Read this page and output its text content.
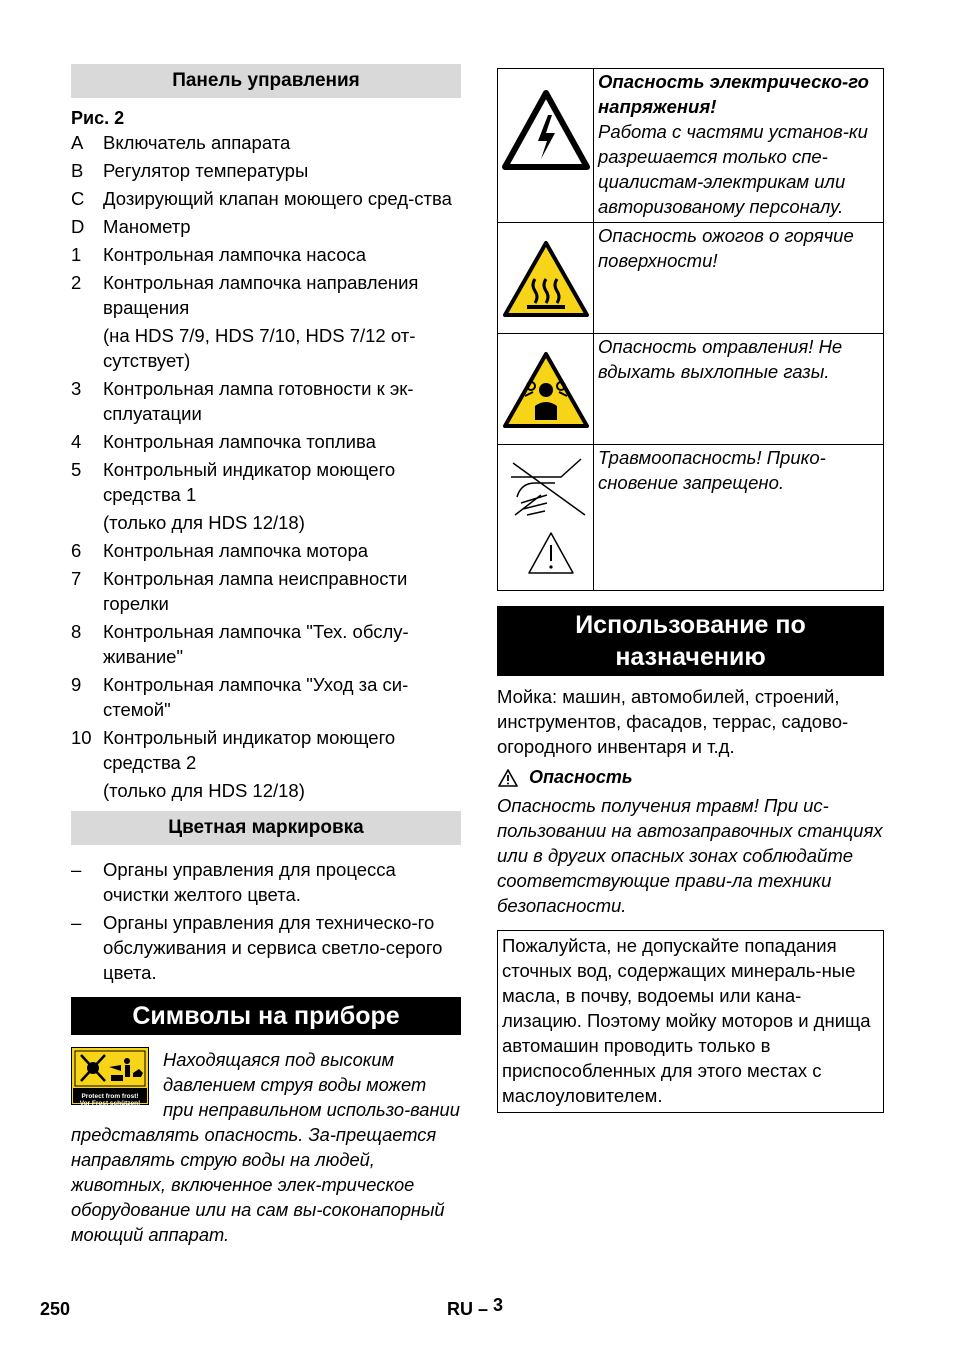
Панель управления
Рис. 2
A	Включатель аппарата
B	Регулятор температуры
C	Дозирующий клапан моющего сред-ства
D	Манометр
1	Контрольная лампочка насоса
2	Контрольная лампочка направления вращения
(на HDS 7/9, HDS 7/10, HDS 7/12 от-сутствует)
3	Контрольная лампа готовности к эк-сплуатации
4	Контрольная лампочка топлива
5	Контрольный индикатор моющего средства 1
(только для HDS 12/18)
6	Контрольная лампочка мотора
7	Контрольная лампа неисправности горелки
8	Контрольная лампочка "Тех. обслу-живание"
9	Контрольная лампочка "Уход за си-стемой"
10 Контрольный индикатор моющего средства 2
(только для HDS 12/18)
Цветная маркировка
–	Органы управления для процесса очистки желтого цвета.
–	Органы управления для техническо-го обслуживания и сервиса светло-серого цвета.
Символы на приборе
Protect from frost!
Vor Frost schützen!
Находящаяся под высоким давлением струя воды может при неправильном использо-вании представлять опасность. За-прещается направлять струю воды на людей, животных, включенное элек-трическое оборудование или на сам вы-соконапорный моющий аппарат.

Опасность электрическо-го напряжения!
Работа с частями установ-ки разрешается только спе-циалистам-электрикам или авторизованому персоналу.

Опасность ожогов о горячие поверхности!

Опасность отравления! Не вдыхать выхлопные газы.

Травмоопасность! Прико-сновение запрещено.
Использование по назначению
Мойка: машин, автомобилей, строений, инструментов, фасадов, террас, садово-огородного инвентаря и т.д.
Опасность
Опасность получения травм! При ис-пользовании на автозаправочных станциях или в других опасных зонах соблюдайте соответствующие прави-ла техники безопасности.
Пожалуйста, не допускайте попадания сточных вод, содержащих минераль-ные масла, в почву, водоемы или кана-лизацию. Поэтому мойку моторов и днища автомашин проводить только в приспособленных для этого местах с маслоуловителем.
250	RU – 3
